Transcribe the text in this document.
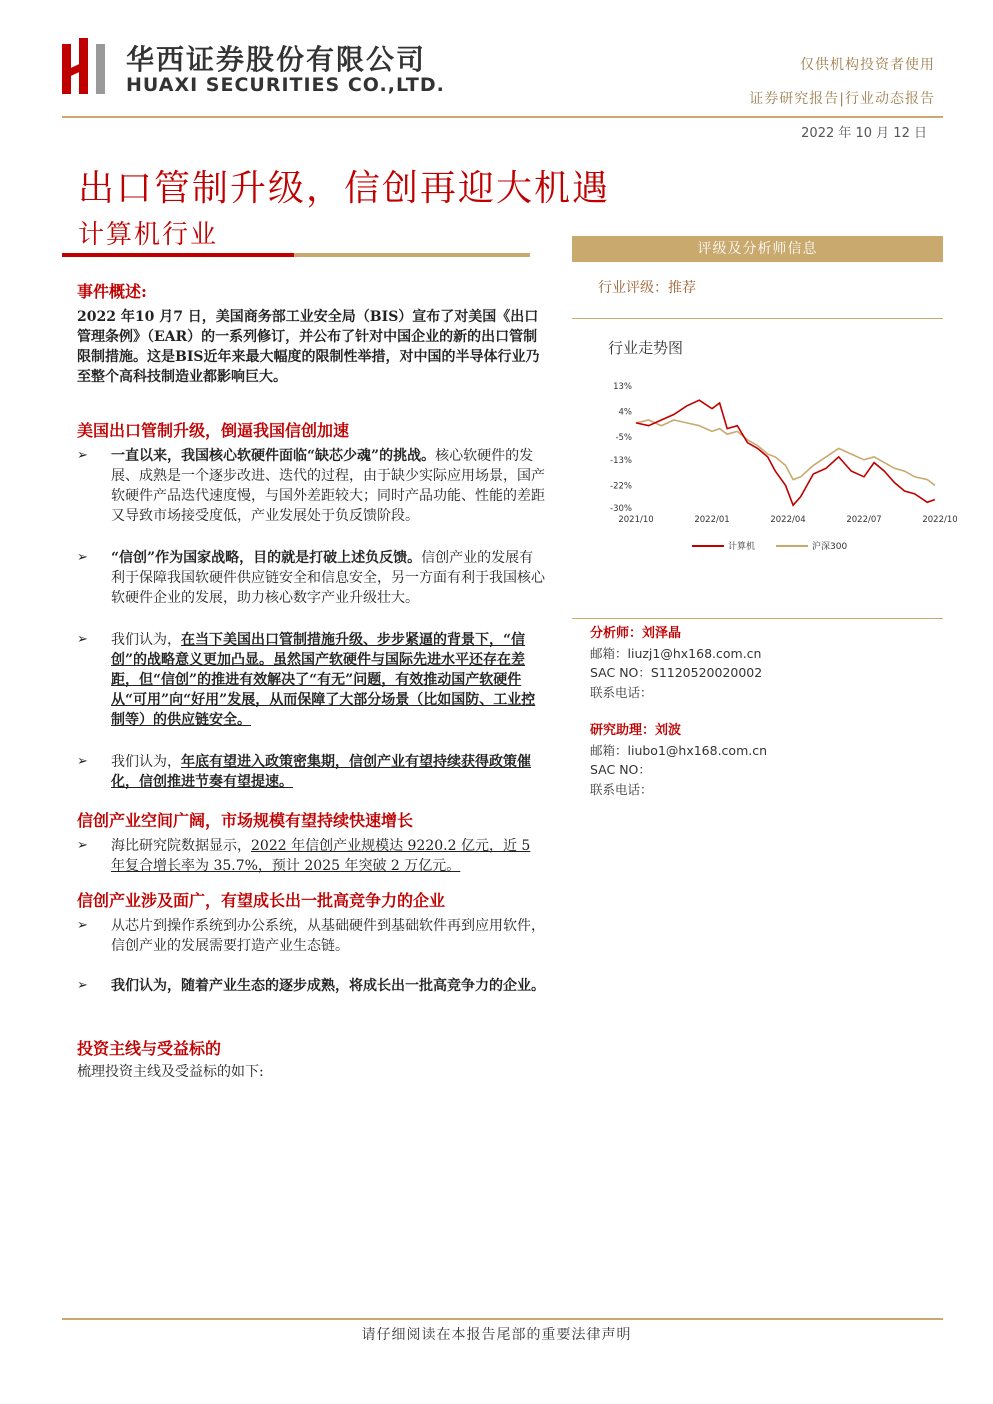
华西证券股份有限公司
HUAXI SECURITIES CO.,LTD.
仅供机构投资者使用
证券研究报告|行业动态报告
2022 年 10 月 12 日
出口管制升级，信创再迎大机遇
计算机行业

事件概述:

2022 年10 月7 日，美国商务部工业安全局（BIS）宣布了对美国《出口管理条例》（EAR）的一系列修订，并公布了针对中国企业的新的出口管制限制措施。这是BIS近年来最大幅度的限制性举措，对中国的半导体行业乃至整个高科技制造业都影响巨大。

美国出口管制升级，倒逼我国信创加速

➢ 一直以来，我国核心软硬件面临“缺芯少魂”的挑战。核心软硬件的发展、成熟是一个逐步改进、迭代的过程，由于缺少实际应用场景，国产软硬件产品迭代速度慢，与国外差距较大；同时产品功能、性能的差距又导致市场接受度低，产业发展处于负反馈阶段。
➢ “信创”作为国家战略，目的就是打破上述负反馈。信创产业的发展有利于保障我国软硬件供应链安全和信息安全，另一方面有利于我国核心软硬件企业的发展，助力核心数字产业升级壮大。
➢ 我们认为，在当下美国出口管制措施升级、步步紧逼的背景下，“信创”的战略意义更加凸显。虽然国产软硬件与国际先进水平还存在差距，但“信创”的推进有效解决了“有无”问题，有效推动国产软硬件从“可用”向“好用”发展，从而保障了大部分场景（比如国防、工业控制等）的供应链安全。
➢ 我们认为，年底有望进入政策密集期，信创产业有望持续获得政策催化，信创推进节奏有望提速。

信创产业空间广阔，市场规模有望持续快速增长

➢ 海比研究院数据显示，2022 年信创产业规模达 9220.2 亿元，近 5 年复合增长率为 35.7%，预计 2025 年突破 2 万亿元。

信创产业涉及面广，有望成长出一批高竞争力的企业

➢ 从芯片到操作系统到办公系统，从基础硬件到基础软件再到应用软件，信创产业的发展需要打造产业生态链。
➢ 我们认为，随着产业生态的逐步成熟，将成长出一批高竞争力的企业。

投资主线与受益标的

梳理投资主线及受益标的如下:

评级及分析师信息
行业评级：推荐
行业走势图
13%
4%
-5%
-13%
-22%
-30%
2021/10	2022/01	2022/04	2022/07	2022/10
计算机	沪深300
分析师：刘泽晶
邮箱：liuzj1@hx168.com.cn
SAC NO：S1120520020002
联系电话：
研究助理：刘波
邮箱：liubo1@hx168.com.cn
SAC NO：
联系电话：
请仔细阅读在本报告尾部的重要法律声明
